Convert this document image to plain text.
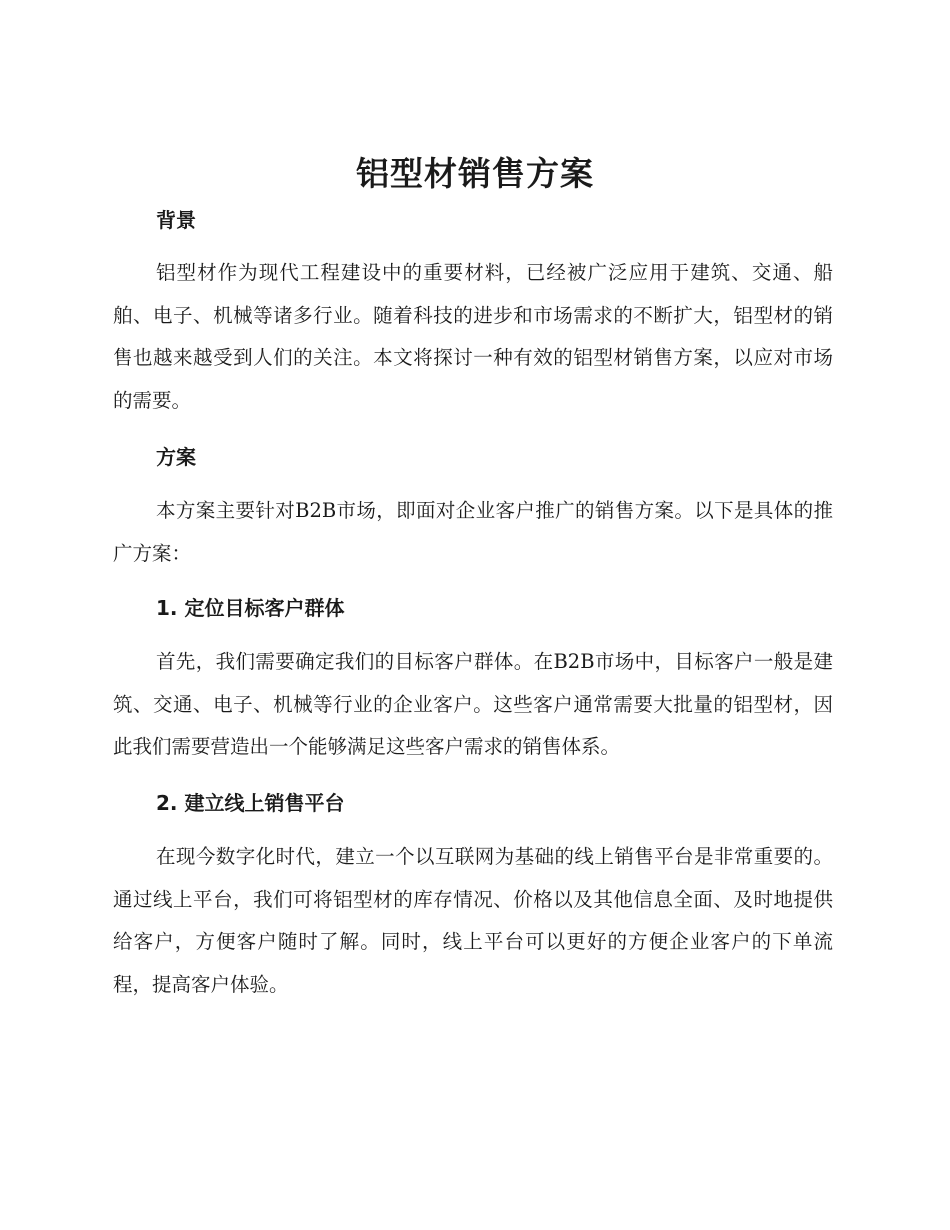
铝型材销售方案
背景

铝型材作为现代工程建设中的重要材料，已经被广泛应用于建筑、交通、船舶、电子、机械等诸多行业。随着科技的进步和市场需求的不断扩大，铝型材的销售也越来越受到人们的关注。本文将探讨一种有效的铝型材销售方案，以应对市场的需要。

方案

本方案主要针对B2B市场，即面对企业客户推广的销售方案。以下是具体的推广方案：

1. 定位目标客户群体

首先，我们需要确定我们的目标客户群体。在B2B市场中，目标客户一般是建筑、交通、电子、机械等行业的企业客户。这些客户通常需要大批量的铝型材，因此我们需要营造出一个能够满足这些客户需求的销售体系。

2. 建立线上销售平台

在现今数字化时代，建立一个以互联网为基础的线上销售平台是非常重要的。通过线上平台，我们可将铝型材的库存情况、价格以及其他信息全面、及时地提供给客户，方便客户随时了解。同时，线上平台可以更好的方便企业客户的下单流程，提高客户体验。
